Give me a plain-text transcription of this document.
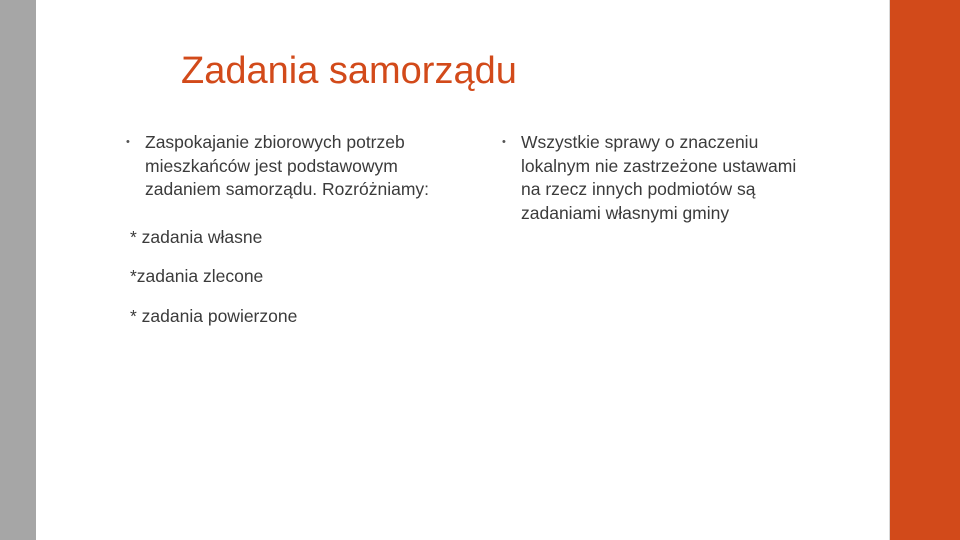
Zadania samorządu

• Zaspokajanie zbiorowych potrzeb mieszkańców jest podstawowym zadaniem samorządu. Rozróżniamy:

* zadania własne

*zadania zlecone

* zadania powierzone

• Wszystkie sprawy o znaczeniu lokalnym nie zastrzeżone ustawami na rzecz innych podmiotów są zadaniami własnymi gminy
